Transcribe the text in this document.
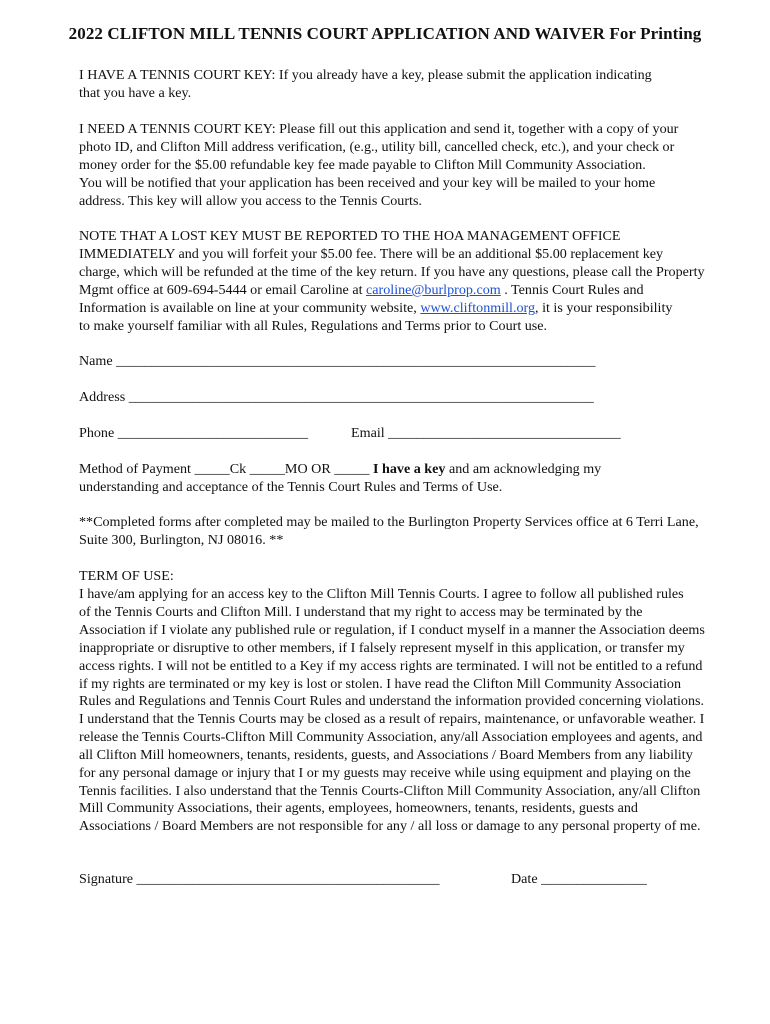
2022 CLIFTON MILL TENNIS COURT APPLICATION AND WAIVER For Printing
I HAVE A TENNIS COURT KEY: If you already have a key, please submit the application indicating
that you have a key.
I NEED A TENNIS COURT KEY: Please fill out this application and send it, together with a copy of your
photo ID, and Clifton Mill address verification, (e.g., utility bill, cancelled check, etc.), and your check or
money order for the $5.00 refundable key fee made payable to Clifton Mill Community Association.
You will be notified that your application has been received and your key will be mailed to your home
address. This key will allow you access to the Tennis Courts.
NOTE THAT A LOST KEY MUST BE REPORTED TO THE HOA MANAGEMENT OFFICE
IMMEDIATELY and you will forfeit your $5.00 fee. There will be an additional $5.00 replacement key
charge, which will be refunded at the time of the key return. If you have any questions, please call the Property
Mgmt office at 609-694-5444 or email Caroline at caroline@burlprop.com . Tennis Court Rules and
Information is available on line at your community website, www.cliftonmill.org, it is your responsibility
to make yourself familiar with all Rules, Regulations and Terms prior to Court use.
Name ____________________________________________________________________
Address __________________________________________________________________
Phone ___________________________	Email _________________________________
Method of Payment _____Ck _____MO OR _____ I have a key and am acknowledging my
understanding and acceptance of the Tennis Court Rules and Terms of Use.
**Completed forms after completed may be mailed to the Burlington Property Services office at 6 Terri Lane,
Suite 300, Burlington, NJ 08016. **
TERM OF USE:
I have/am applying for an access key to the Clifton Mill Tennis Courts. I agree to follow all published rules
of the Tennis Courts and Clifton Mill. I understand that my right to access may be terminated by the
Association if I violate any published rule or regulation, if I conduct myself in a manner the Association deems
inappropriate or disruptive to other members, if I falsely represent myself in this application, or transfer my
access rights. I will not be entitled to a Key if my access rights are terminated. I will not be entitled to a refund
if my rights are terminated or my key is lost or stolen. I have read the Clifton Mill Community Association
Rules and Regulations and Tennis Court Rules and understand the information provided concerning violations.
I understand that the Tennis Courts may be closed as a result of repairs, maintenance, or unfavorable weather. I
release the Tennis Courts-Clifton Mill Community Association, any/all Association employees and agents, and
all Clifton Mill homeowners, tenants, residents, guests, and Associations / Board Members from any liability
for any personal damage or injury that I or my guests may receive while using equipment and playing on the
Tennis facilities. I also understand that the Tennis Courts-Clifton Mill Community Association, any/all Clifton
Mill Community Associations, their agents, employees, homeowners, tenants, residents, guests and
Associations / Board Members are not responsible for any / all loss or damage to any personal property of me.
Signature ___________________________________________	Date _______________
